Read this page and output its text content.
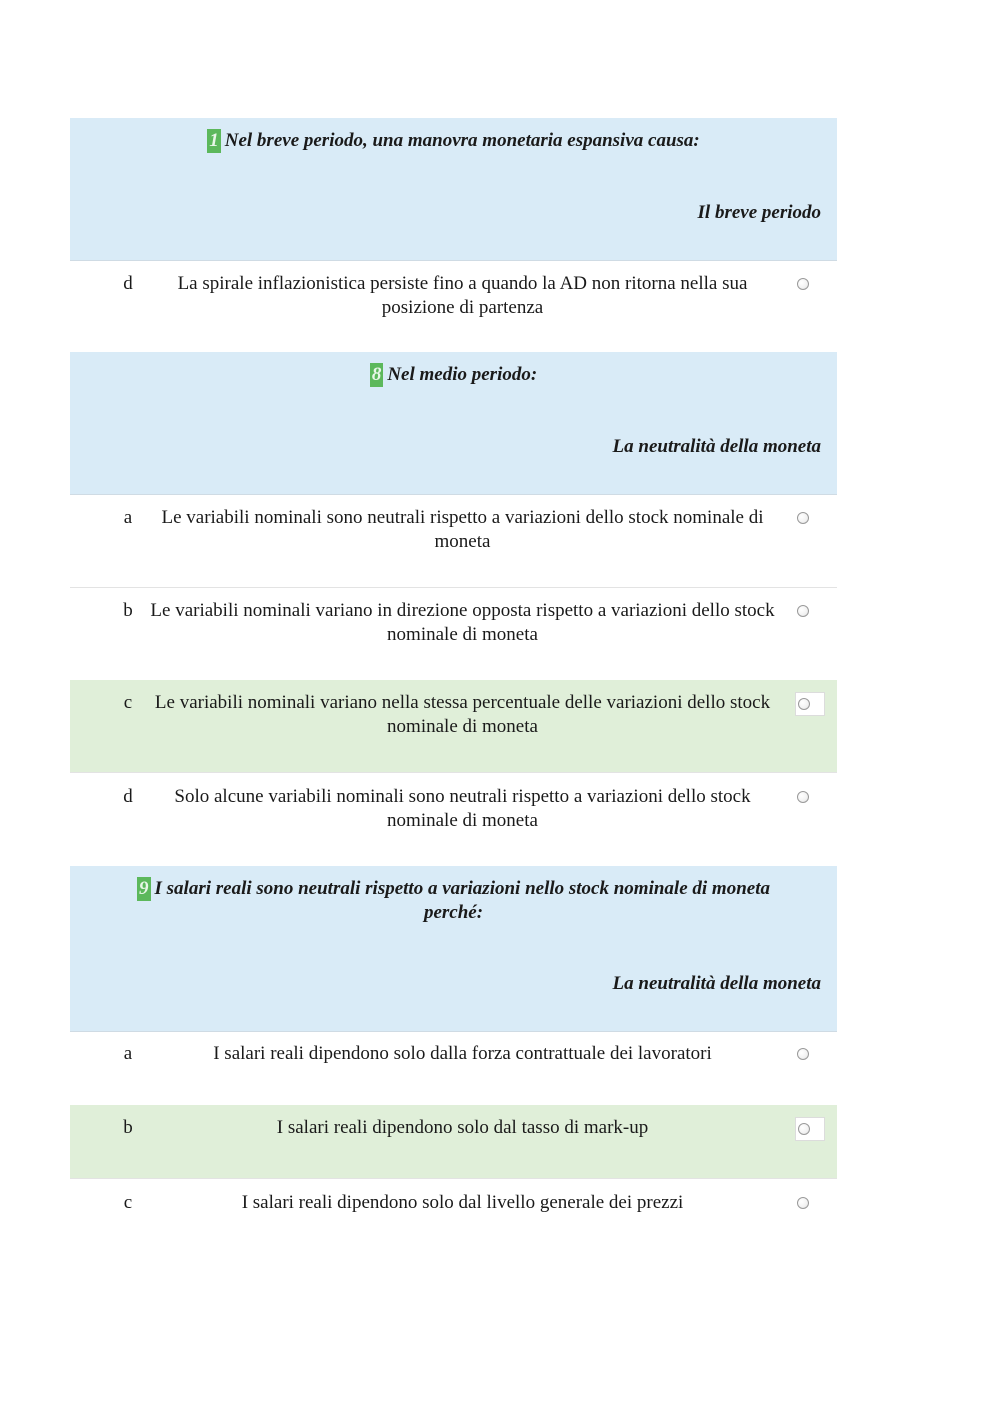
1 Nel breve periodo, una manovra monetaria espansiva causa:
Il breve periodo
d	La spirale inflazionistica persiste fino a quando la AD non ritorna nella sua posizione di partenza
8 Nel medio periodo:
La neutralità della moneta
a	Le variabili nominali sono neutrali rispetto a variazioni dello stock nominale di moneta
b Le variabili nominali variano in direzione opposta rispetto a variazioni dello stock nominale di moneta
c	Le variabili nominali variano nella stessa percentuale delle variazioni dello stock nominale di moneta
d	Solo alcune variabili nominali sono neutrali rispetto a variazioni dello stock nominale di moneta
9 I salari reali sono neutrali rispetto a variazioni nello stock nominale di moneta perché:
La neutralità della moneta
a	I salari reali dipendono solo dalla forza contrattuale dei lavoratori
b	I salari reali dipendono solo dal tasso di mark-up
c	I salari reali dipendono solo dal livello generale dei prezzi
